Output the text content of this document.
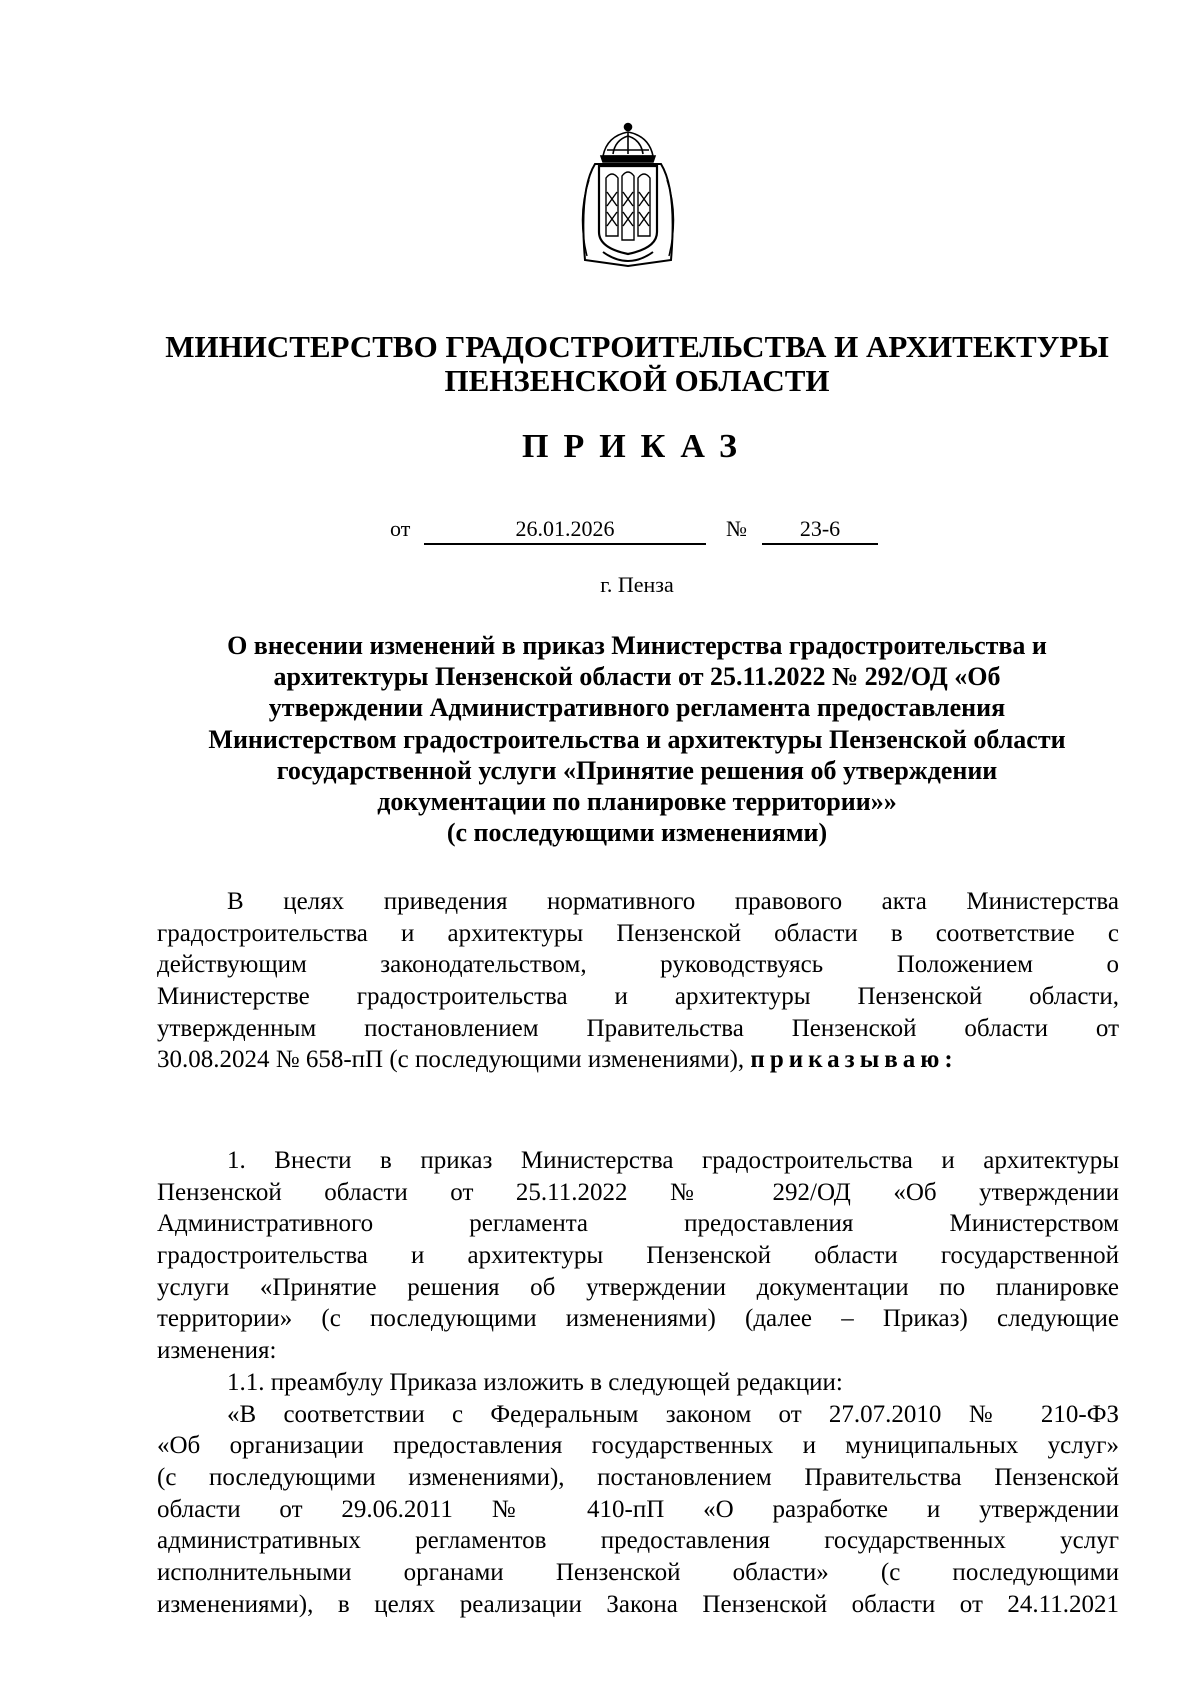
МИНИСТЕРСТВО ГРАДОСТРОИТЕЛЬСТВА И АРХИТЕКТУРЫ
ПЕНЗЕНСКОЙ ОБЛАСТИ
ПРИКАЗ
от	26.01.2026	№	23-6
г. Пенза
О внесении изменений в приказ Министерства градостроительства и
архитектуры Пензенской области от 25.11.2022 № 292/ОД «Об
утверждении Административного регламента предоставления
Министерством градостроительства и архитектуры Пензенской области
государственной услуги «Принятие решения об утверждении
документации по планировке территории»»
(с последующими изменениями)
В целях приведения нормативного правового акта Министерства
градостроительства и архитектуры Пензенской области в соответствие с
действующим законодательством, руководствуясь Положением о
Министерстве градостроительства и архитектуры Пензенской области,
утвержденным постановлением Правительства Пензенской области от
30.08.2024 № 658-пП (с последующими изменениями), приказываю:
1. Внести в приказ Министерства градостроительства и архитектуры
Пензенской области от 25.11.2022 № 292/ОД «Об утверждении
Административного регламента предоставления Министерством
градостроительства и архитектуры Пензенской области государственной
услуги «Принятие решения об утверждении документации по планировке
территории» (с последующими изменениями) (далее – Приказ) следующие
изменения:
1.1. преамбулу Приказа изложить в следующей редакции:
«В соответствии с Федеральным законом от 27.07.2010 № 210-ФЗ
«Об организации предоставления государственных и муниципальных услуг»
(с последующими изменениями), постановлением Правительства Пензенской
области от 29.06.2011 № 410-пП «О разработке и утверждении
административных регламентов предоставления государственных услуг
исполнительными органами Пензенской области» (с последующими
изменениями), в целях реализации Закона Пензенской области от 24.11.2021
